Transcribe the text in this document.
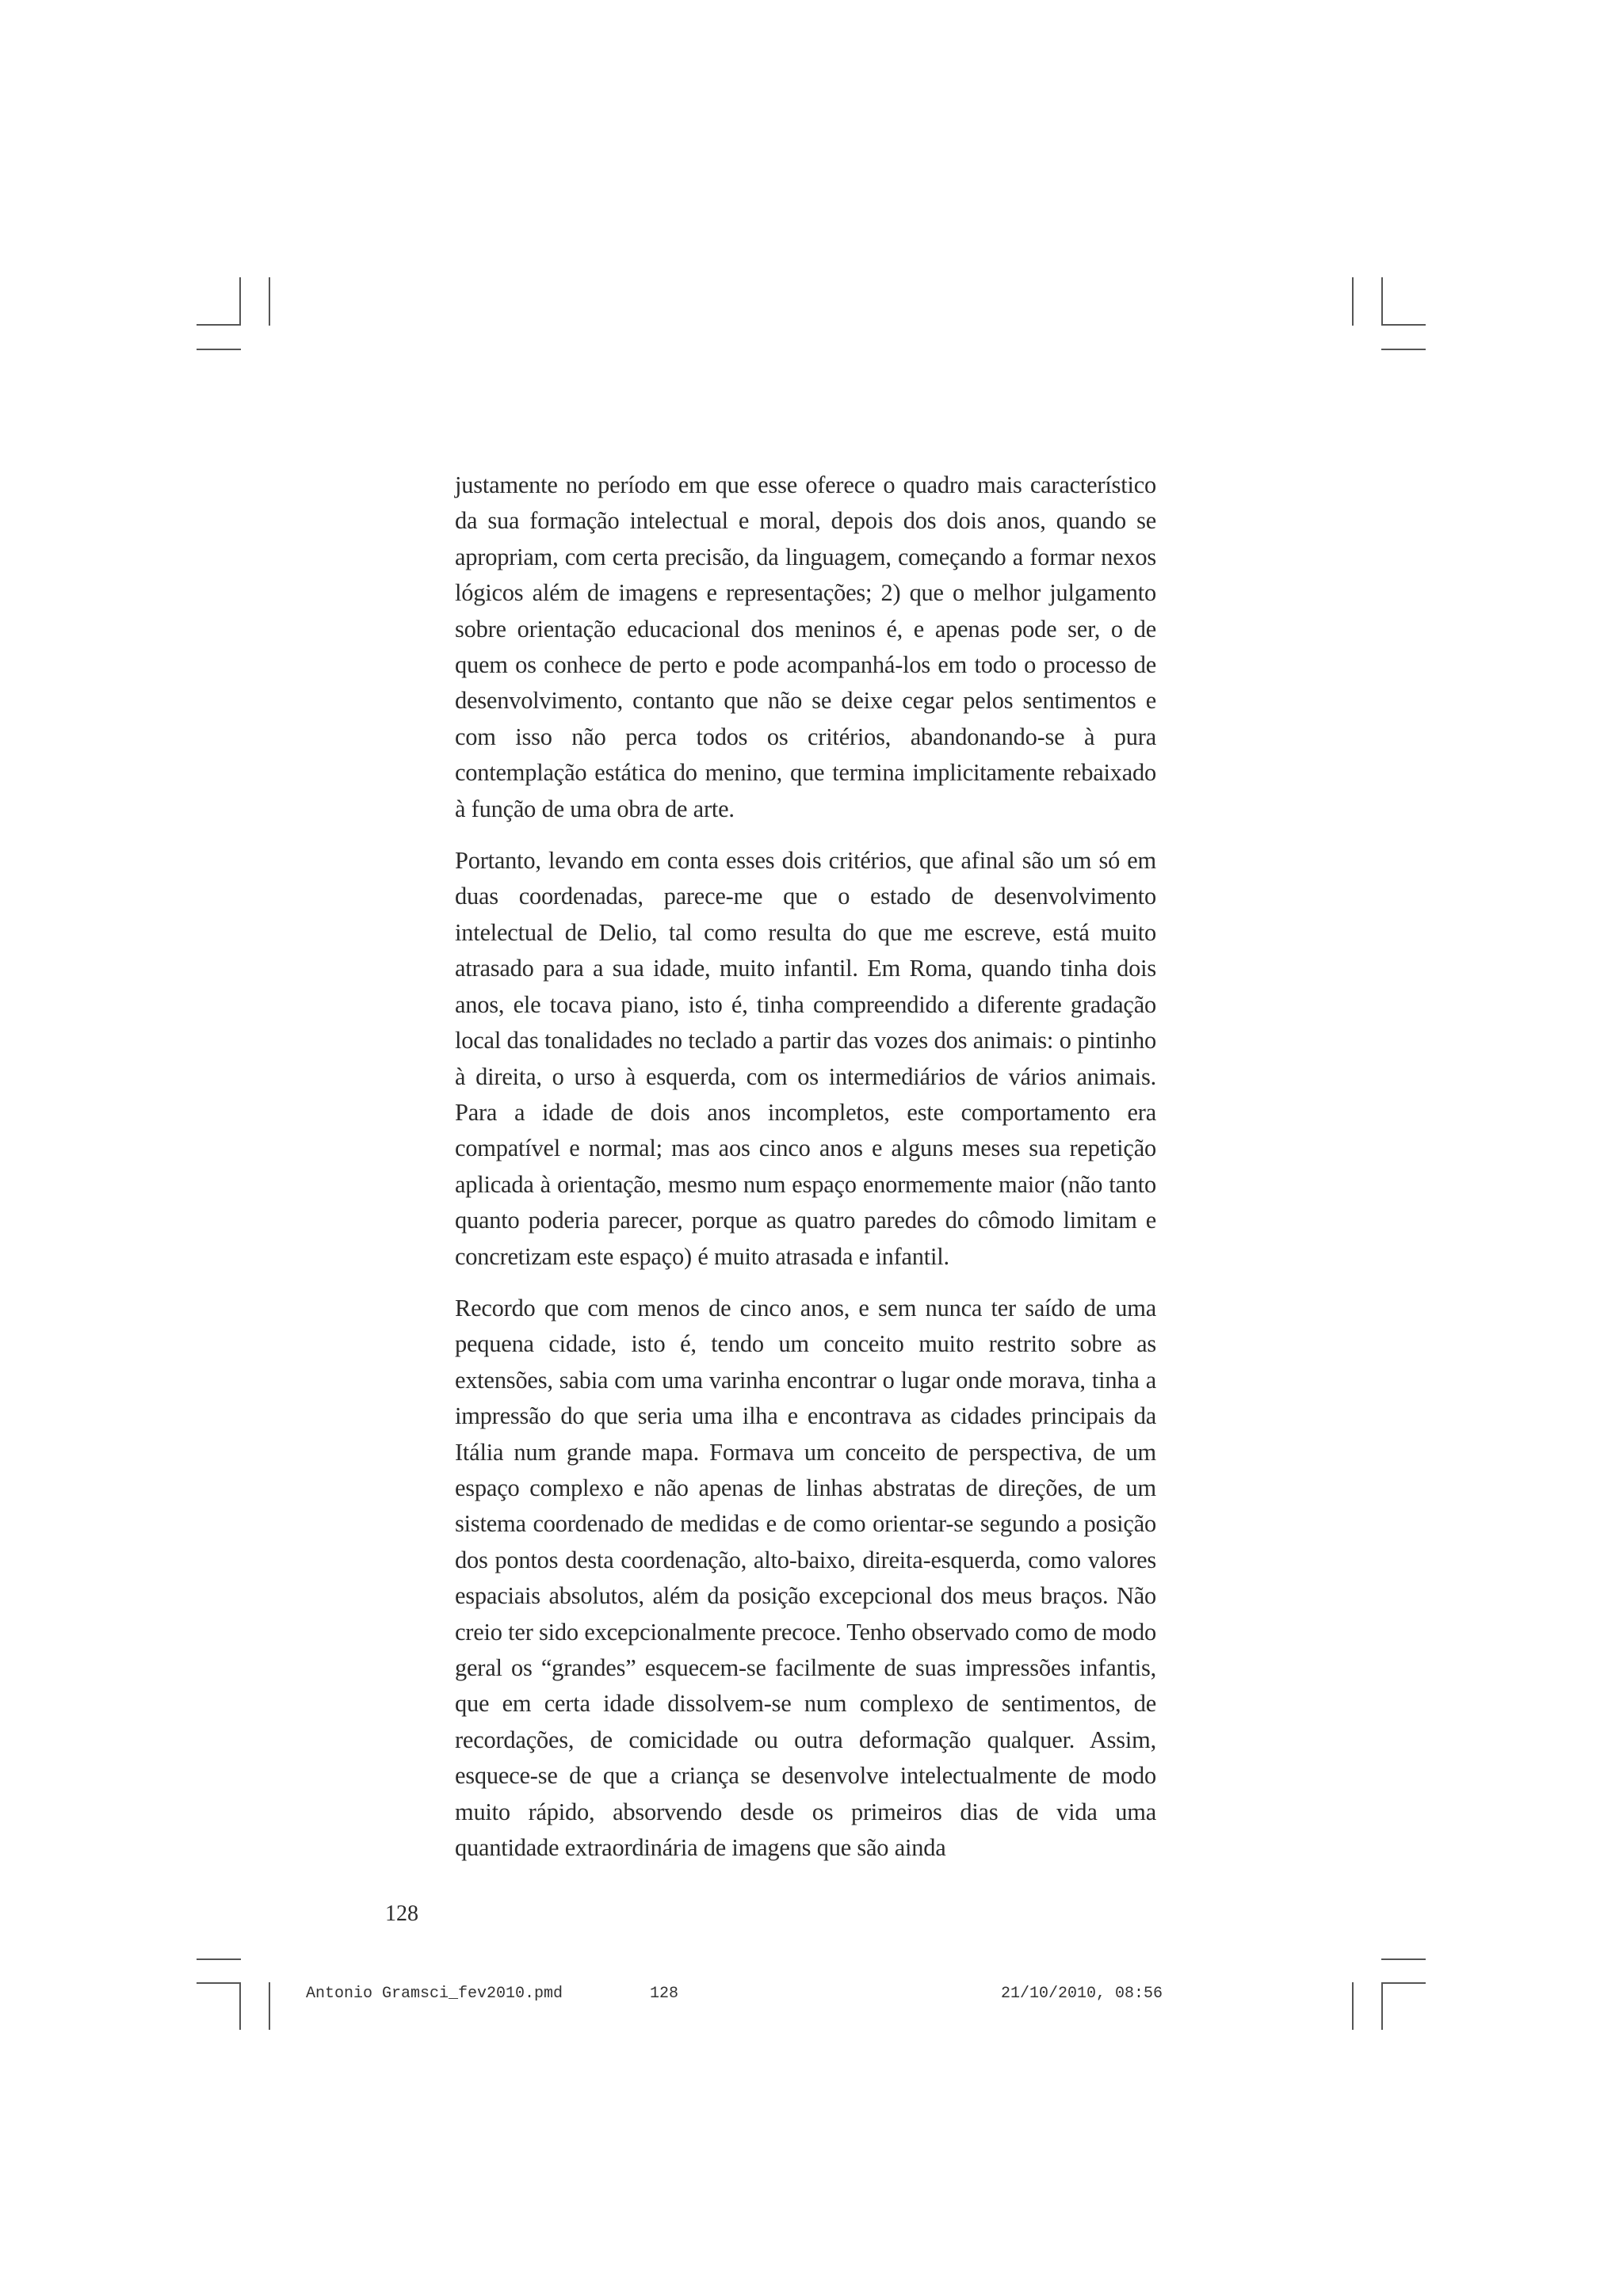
justamente no período em que esse oferece o quadro mais característico da sua formação intelectual e moral, depois dos dois anos, quando se apropriam, com certa precisão, da linguagem, começando a formar nexos lógicos além de imagens e representações; 2) que o melhor julgamento sobre orientação educacional dos meninos é, e apenas pode ser, o de quem os conhece de perto e pode acompanhá-los em todo o processo de desenvolvimento, contanto que não se deixe cegar pelos sentimentos e com isso não perca todos os critérios, abandonando-se à pura contemplação estática do menino, que termina implicitamente rebaixado à função de uma obra de arte.

Portanto, levando em conta esses dois critérios, que afinal são um só em duas coordenadas, parece-me que o estado de desenvolvimento intelectual de Delio, tal como resulta do que me escreve, está muito atrasado para a sua idade, muito infantil. Em Roma, quando tinha dois anos, ele tocava piano, isto é, tinha compreendido a diferente gradação local das tonalidades no teclado a partir das vozes dos animais: o pintinho à direita, o urso à esquerda, com os intermediários de vários animais. Para a idade de dois anos incompletos, este comportamento era compatível e normal; mas aos cinco anos e alguns meses sua repetição aplicada à orientação, mesmo num espaço enormemente maior (não tanto quanto poderia parecer, porque as quatro paredes do cômodo limitam e concretizam este espaço) é muito atrasada e infantil.

Recordo que com menos de cinco anos, e sem nunca ter saído de uma pequena cidade, isto é, tendo um conceito muito restrito sobre as extensões, sabia com uma varinha encontrar o lugar onde morava, tinha a impressão do que seria uma ilha e encontrava as cidades principais da Itália num grande mapa. Formava um conceito de perspectiva, de um espaço complexo e não apenas de linhas abstratas de direções, de um sistema coordenado de medidas e de como orientar-se segundo a posição dos pontos desta coordenação, alto-baixo, direita-esquerda, como valores espaciais absolutos, além da posição excepcional dos meus braços. Não creio ter sido excepcionalmente precoce. Tenho observado como de modo geral os “grandes” esquecem-se facilmente de suas impressões infantis, que em certa idade dissolvem-se num complexo de sentimentos, de recordações, de comicidade ou outra deformação qualquer. Assim, esquece-se de que a criança se desenvolve intelectualmente de modo muito rápido, absorvendo desde os primeiros dias de vida uma quantidade extraordinária de imagens que são ainda

128
Antonio Gramsci_fev2010.pmd	128	21/10/2010, 08:56
